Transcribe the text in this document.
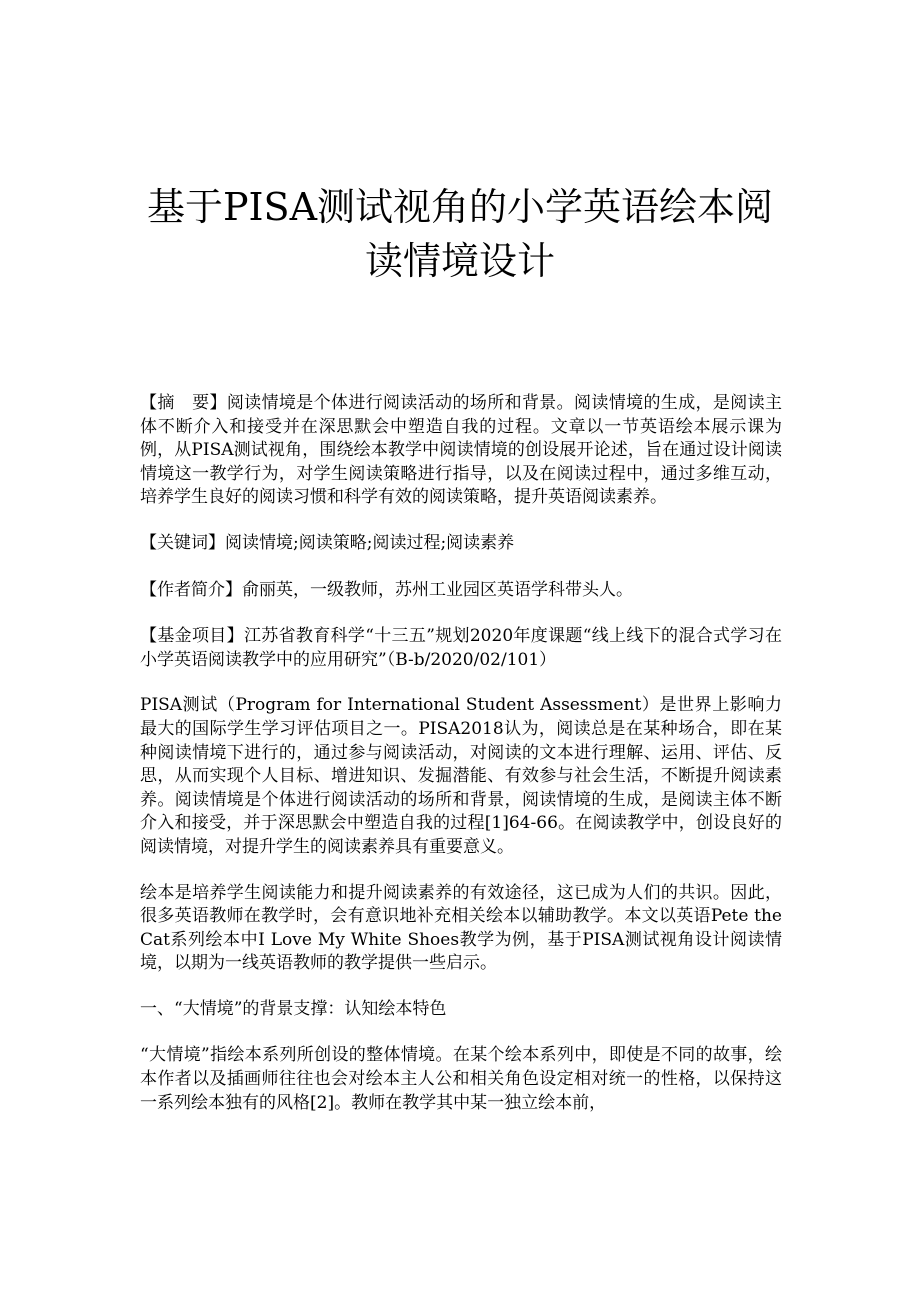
基于PISA测试视角的小学英语绘本阅
读情境设计

【摘　要】阅读情境是个体进行阅读活动的场所和背景。阅读情境的生成，是阅读主体不断介入和接受并在深思默会中塑造自我的过程。文章以一节英语绘本展示课为例，从PISA测试视角，围绕绘本教学中阅读情境的创设展开论述，旨在通过设计阅读情境这一教学行为，对学生阅读策略进行指导，以及在阅读过程中，通过多维互动，培养学生良好的阅读习惯和科学有效的阅读策略，提升英语阅读素养。

【关键词】阅读情境;阅读策略;阅读过程;阅读素养

【作者简介】俞丽英，一级教师，苏州工业园区英语学科带头人。

【基金项目】江苏省教育科学“十三五”规划2020年度课题“线上线下的混合式学习在小学英语阅读教学中的应用研究”（B-b/2020/02/101）

PISA测试（Program for International Student Assessment）是世界上影响力最大的国际学生学习评估项目之一。PISA2018认为，阅读总是在某种场合，即在某种阅读情境下进行的，通过参与阅读活动，对阅读的文本进行理解、运用、评估、反思，从而实现个人目标、增进知识、发掘潜能、有效参与社会生活，不断提升阅读素养。阅读情境是个体进行阅读活动的场所和背景，阅读情境的生成，是阅读主体不断介入和接受，并于深思默会中塑造自我的过程[1]64-66。在阅读教学中，创设良好的阅读情境，对提升学生的阅读素养具有重要意义。

绘本是培养学生阅读能力和提升阅读素养的有效途径，这已成为人们的共识。因此，很多英语教师在教学时，会有意识地补充相关绘本以辅助教学。本文以英语Pete the Cat系列绘本中I Love My White Shoes教学为例，基于PISA测试视角设计阅读情境，以期为一线英语教师的教学提供一些启示。

一、“大情境”的背景支撑：认知绘本特色

“大情境”指绘本系列所创设的整体情境。在某个绘本系列中，即使是不同的故事，绘本作者以及插画师往往也会对绘本主人公和相关角色设定相对统一的性格，以保持这一系列绘本独有的风格[2]。教师在教学其中某一独立绘本前，
